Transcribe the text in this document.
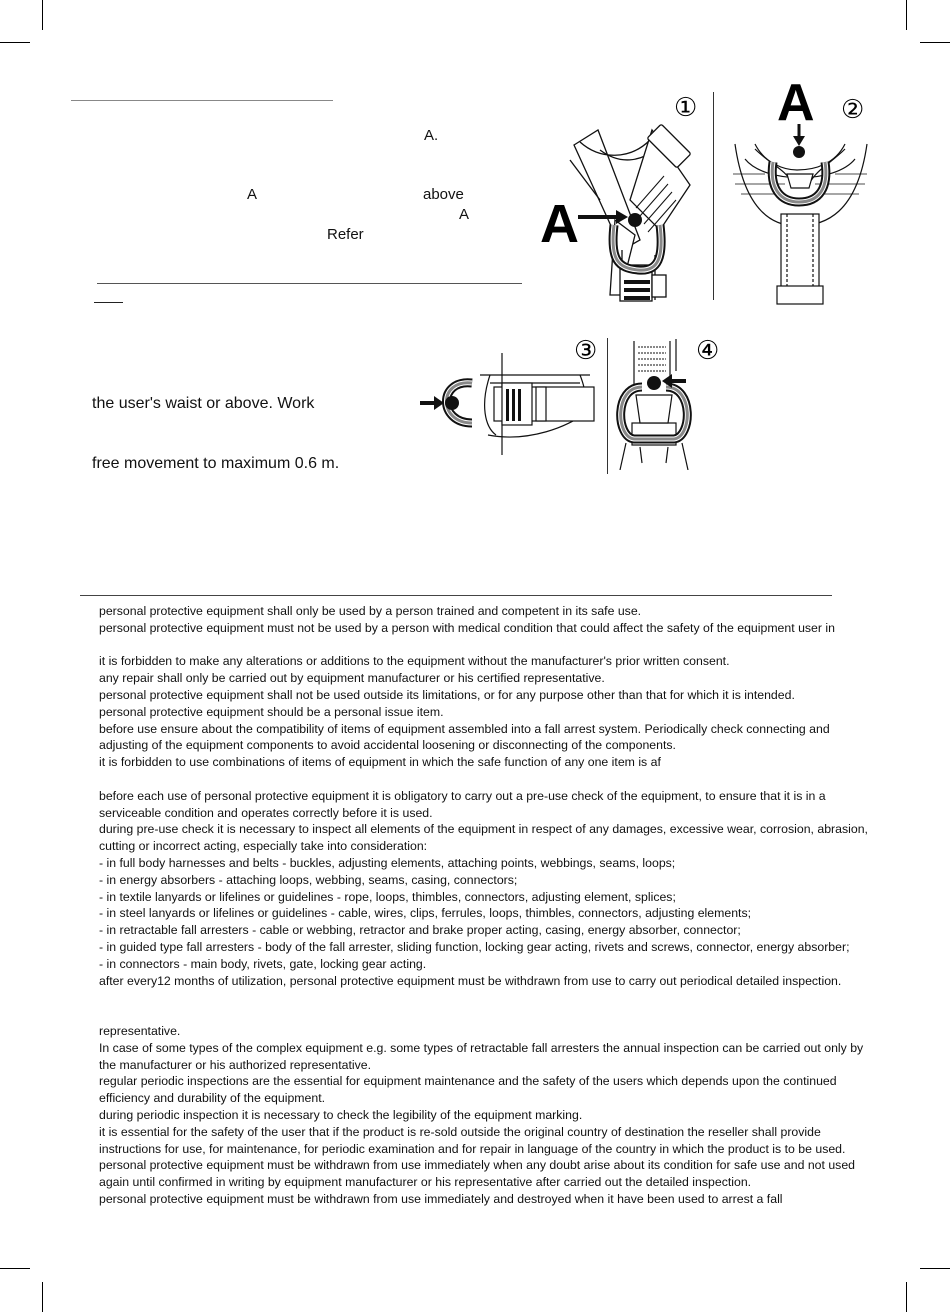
A.
A	above
A
Refer
the user's waist or above. Work
free movement to maximum 0.6 m.
①
A
A ②
③	④
personal protective equipment shall only be used by a person trained and competent in its safe use.
personal protective equipment must not be used by a person with medical condition that could affect the safety of the equipment user in
it is forbidden to make any alterations or additions to the equipment without the manufacturer's prior written consent.
any repair shall only be carried out by equipment manufacturer or his certified representative.
personal protective equipment shall not be used outside its limitations, or for any purpose other than that for which it is intended.
personal protective equipment should be a personal issue item.
before use ensure about the compatibility of items of equipment assembled into a fall arrest system. Periodically check connecting and
adjusting of the equipment components to avoid accidental loosening or disconnecting of the components.
it is forbidden to use combinations of items of equipment in which the safe function of any one item is af
before each use of personal protective equipment it is obligatory to carry out a pre-use check of the equipment, to ensure that it is in a
serviceable condition and operates correctly before it is used.
during pre-use check it is necessary to inspect all elements of the equipment in respect of any damages, excessive wear, corrosion, abrasion,
cutting or incorrect acting, especially take into consideration:
- in full body harnesses and belts - buckles, adjusting elements, attaching points, webbings, seams, loops;
- in energy absorbers - attaching loops, webbing, seams, casing, connectors;
- in textile lanyards or lifelines or guidelines - rope, loops, thimbles, connectors, adjusting element, splices;
- in steel lanyards or lifelines or guidelines - cable, wires, clips, ferrules, loops, thimbles, connectors, adjusting elements;
- in retractable fall arresters - cable or webbing, retractor and brake proper acting, casing, energy absorber, connector;
- in guided type fall arresters - body of the fall arrester, sliding function, locking gear acting, rivets and screws, connector, energy absorber;
- in connectors - main body, rivets, gate, locking gear acting.
after every12 months of utilization, personal protective equipment must be withdrawn from use to carry out periodical detailed inspection.
representative.
In case of some types of the complex equipment e.g. some types of retractable fall arresters the annual inspection can be carried out only by
the manufacturer or his authorized representative.
regular periodic inspections are the essential for equipment maintenance and the safety of the users which depends upon the continued
efficiency and durability of the equipment.
during periodic inspection it is necessary to check the legibility of the equipment marking.
it is essential for the safety of the user that if the product is re-sold outside the original country of destination the reseller shall provide
instructions for use, for maintenance, for periodic examination and for repair in language of the country in which the product is to be used.
personal protective equipment must be withdrawn from use immediately when any doubt arise about its condition for safe use and not used
again until confirmed in writing by equipment manufacturer or his representative after carried out the detailed inspection.
personal protective equipment must be withdrawn from use immediately and destroyed when it have been used to arrest a fall
